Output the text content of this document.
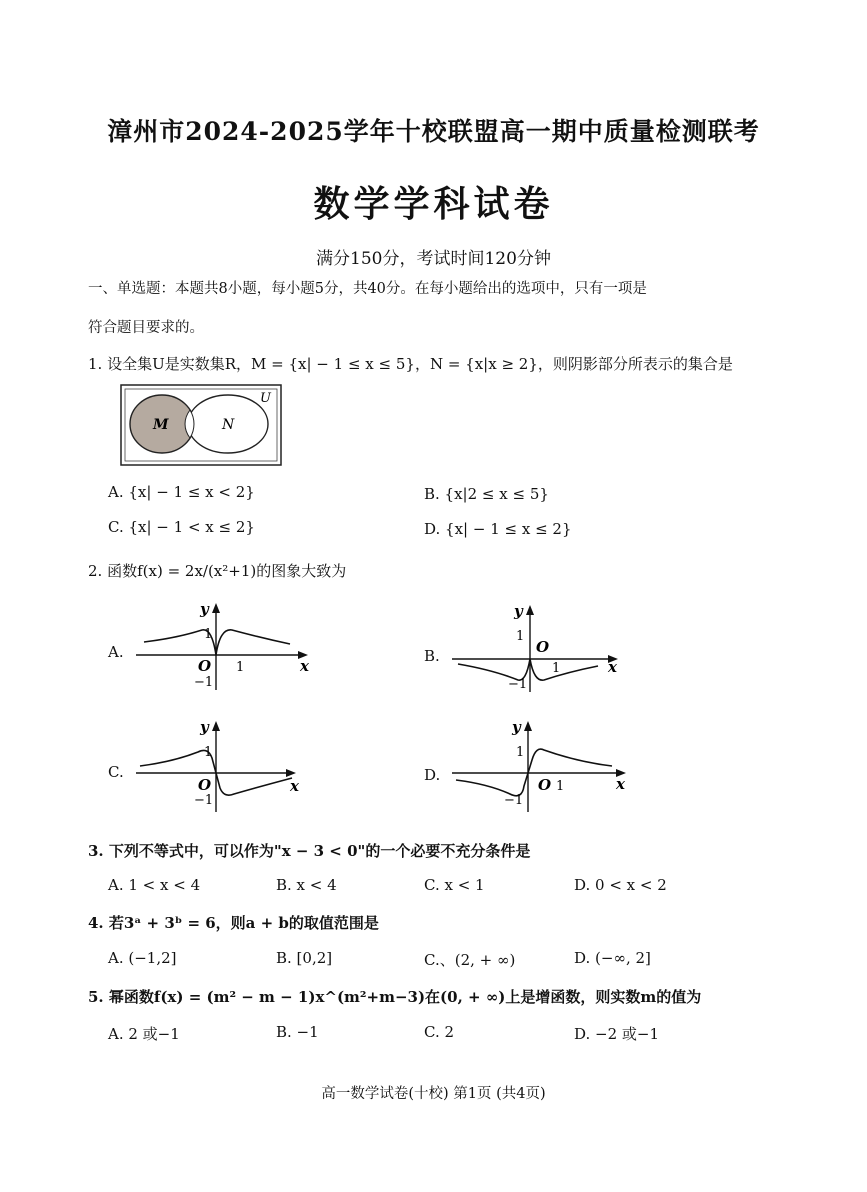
漳州市2024-2025学年十校联盟高一期中质量检测联考
数学学科试卷
满分150分，考试时间120分钟
一、单选题：本题共8小题，每小题5分，共40分。在每小题给出的选项中，只有一项是
符合题目要求的。
1. 设全集U是实数集R，M = {x| − 1 ≤ x ≤ 5}，N = {x|x ≥ 2}，则阴影部分所表示的集合是
M	N
U
A. {x| − 1 ≤ x < 2}	B. {x|2 ≤ x ≤ 5}
C. {x| − 1 < x ≤ 2}	D. {x| − 1 ≤ x ≤ 2}
2. 函数f(x) = 2x/(x²+1)的图象大致为
A.
y
x
O
1
1
−1
B.
y
x
O
1
1
−1
C.
y
x
O
1
−1
D.
y
x
O 1
1
−1
3. 下列不等式中，可以作为"x − 3 < 0"的一个必要不充分条件是
A. 1 < x < 4	B. x < 4	C. x < 1	D. 0 < x < 2
4. 若3ᵃ + 3ᵇ = 6，则a + b的取值范围是
A. (−1,2]	B. [0,2]	C.、(2, + ∞)	D. (−∞, 2]
5. 幂函数f(x) = (m² − m − 1)x^(m²+m−3)在(0, + ∞)上是增函数，则实数m的值为
A. 2 或−1	B. −1	C. 2	D. −2 或−1
高一数学试卷(十校) 第1页 (共4页)
